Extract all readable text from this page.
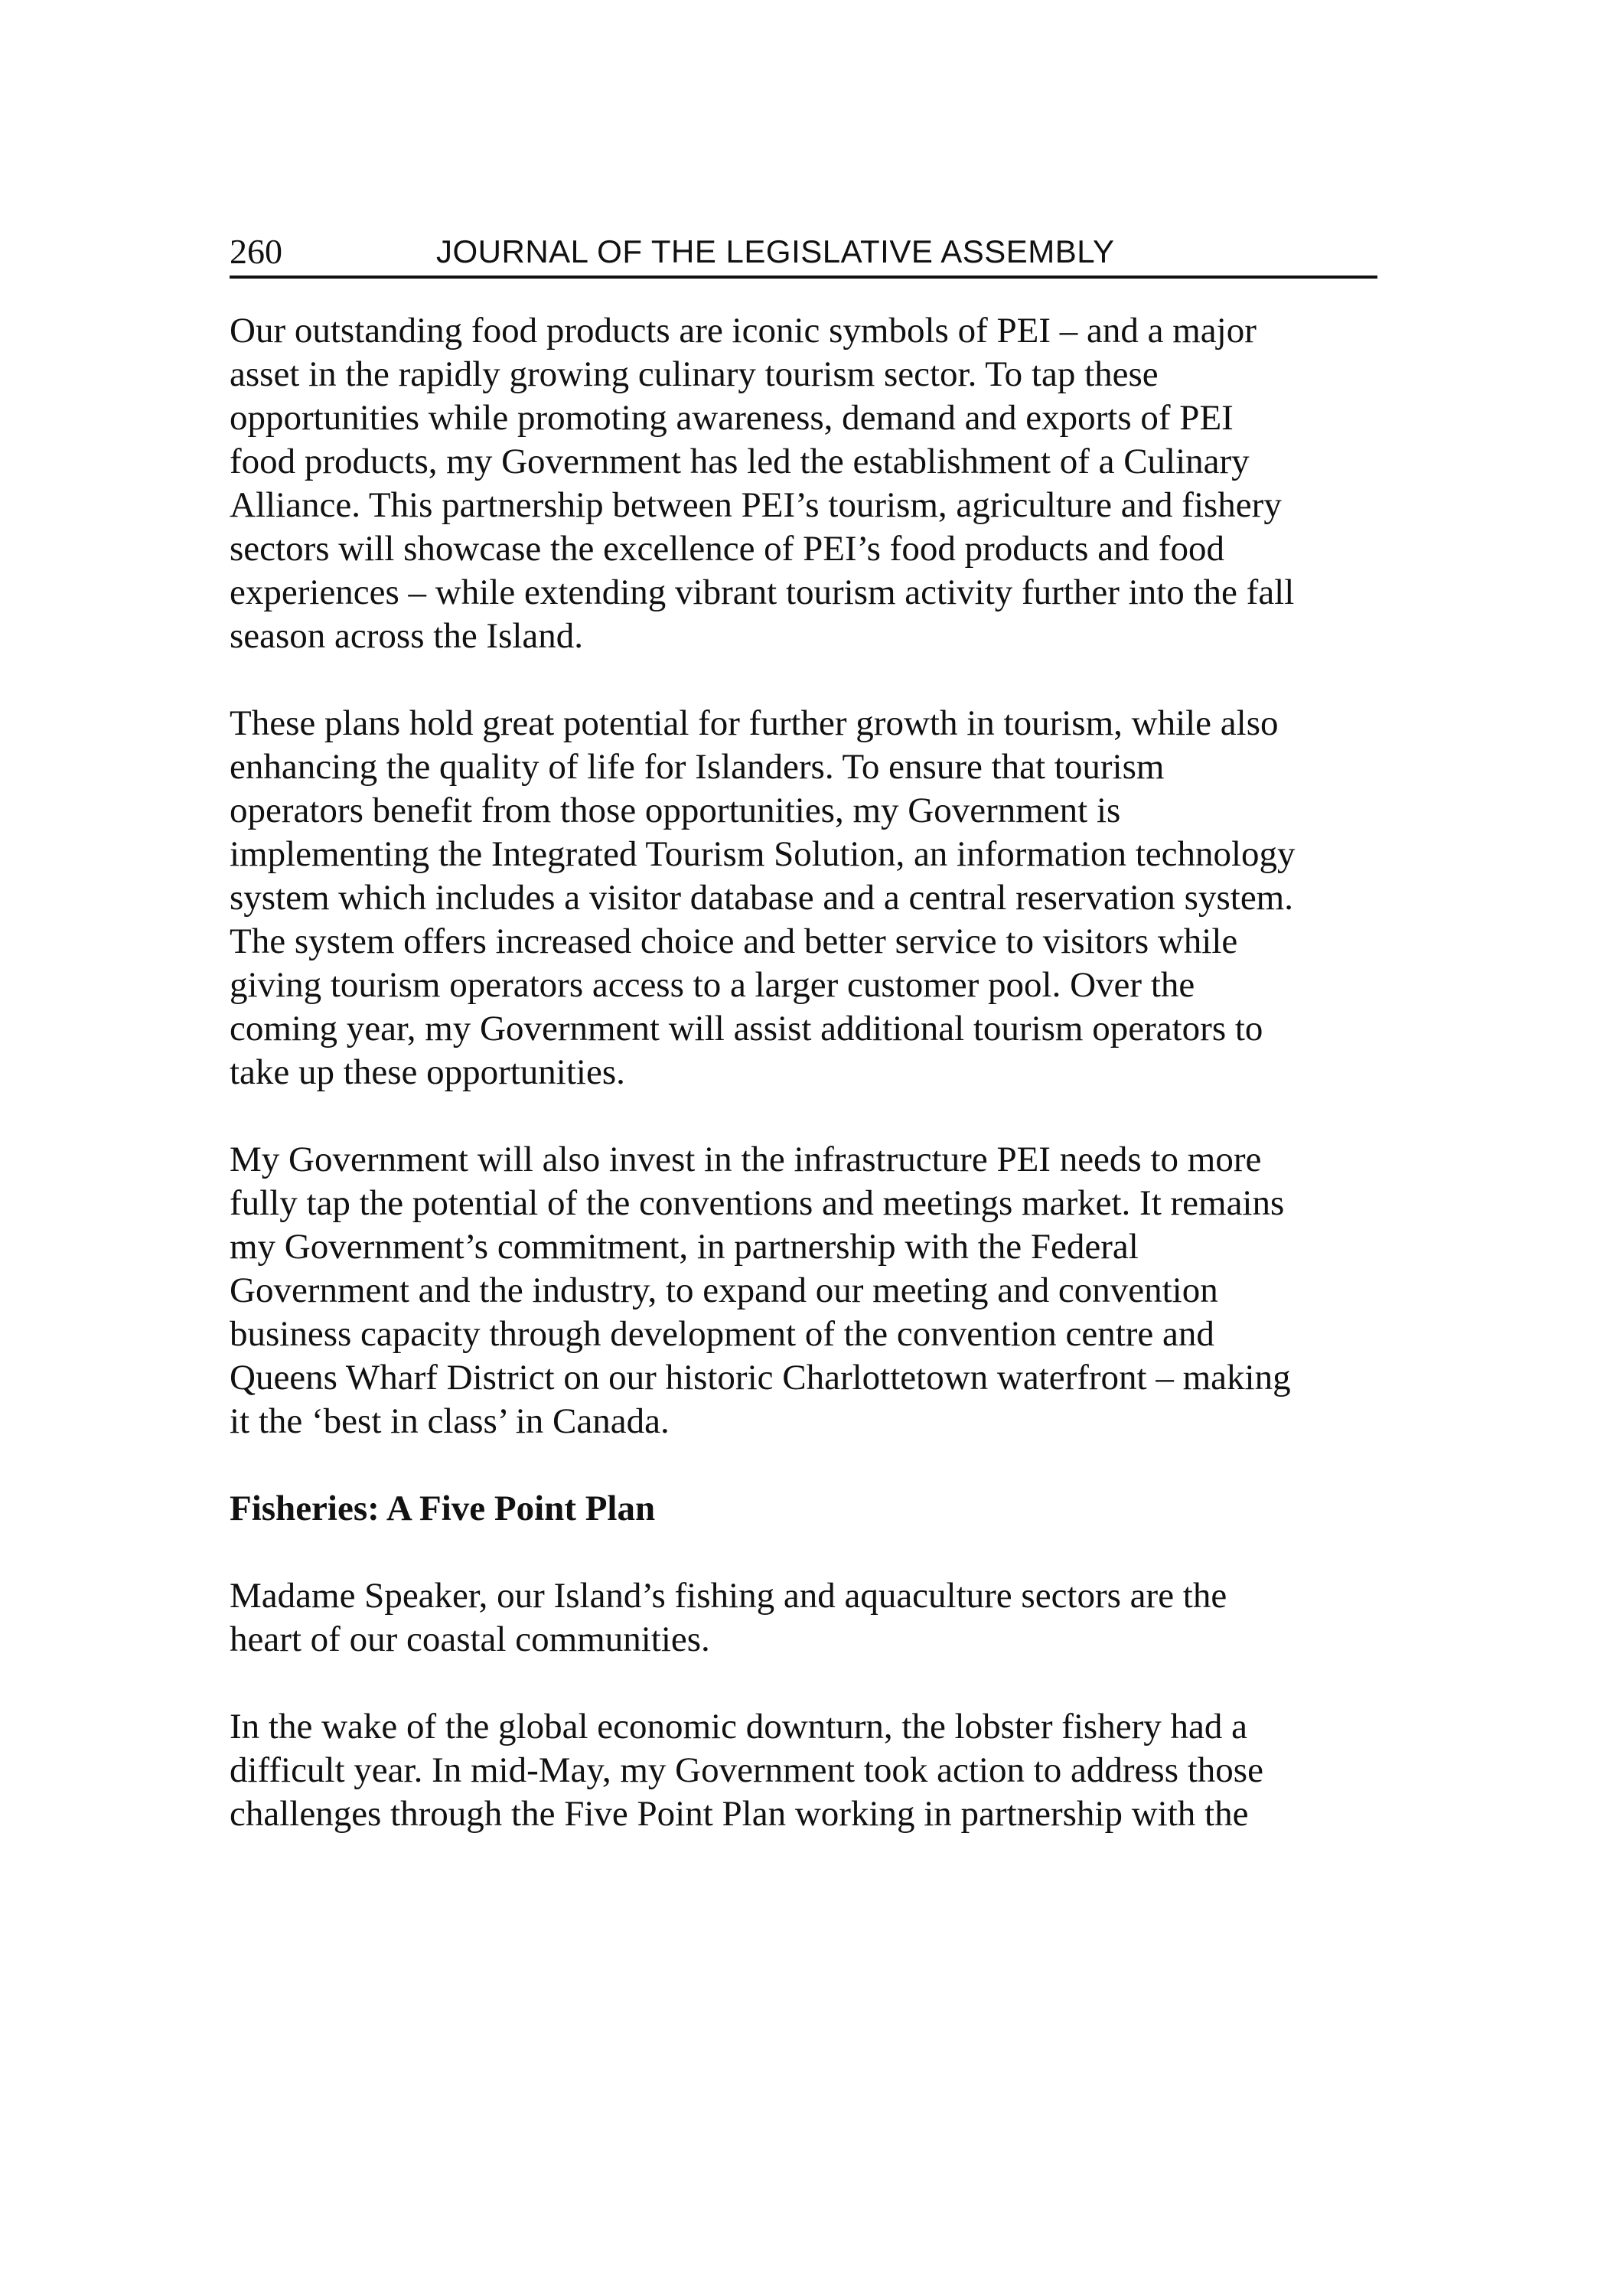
260	JOURNAL OF THE LEGISLATIVE ASSEMBLY

Our outstanding food products are iconic symbols of PEI – and a major
asset in the rapidly growing culinary tourism sector. To tap these
opportunities while promoting awareness, demand and exports of PEI
food products, my Government has led the establishment of a Culinary
Alliance. This partnership between PEI’s tourism, agriculture and fishery
sectors will showcase the excellence of PEI’s food products and food
experiences – while extending vibrant tourism activity further into the fall
season across the Island.

These plans hold great potential for further growth in tourism, while also
enhancing the quality of life for Islanders. To ensure that tourism
operators benefit from those opportunities, my Government is
implementing the Integrated Tourism Solution, an information technology
system which includes a visitor database and a central reservation system.
The system offers increased choice and better service to visitors while
giving tourism operators access to a larger customer pool. Over the
coming year, my Government will assist additional tourism operators to
take up these opportunities.

My Government will also invest in the infrastructure PEI needs to more
fully tap the potential of the conventions and meetings market. It remains
my Government’s commitment, in partnership with the Federal
Government and the industry, to expand our meeting and convention
business capacity through development of the convention centre and
Queens Wharf District on our historic Charlottetown waterfront – making
it the ‘best in class’ in Canada.

Fisheries: A Five Point Plan

Madame Speaker, our Island’s fishing and aquaculture sectors are the
heart of our coastal communities.

In the wake of the global economic downturn, the lobster fishery had a
difficult year. In mid-May, my Government took action to address those
challenges through the Five Point Plan working in partnership with the
